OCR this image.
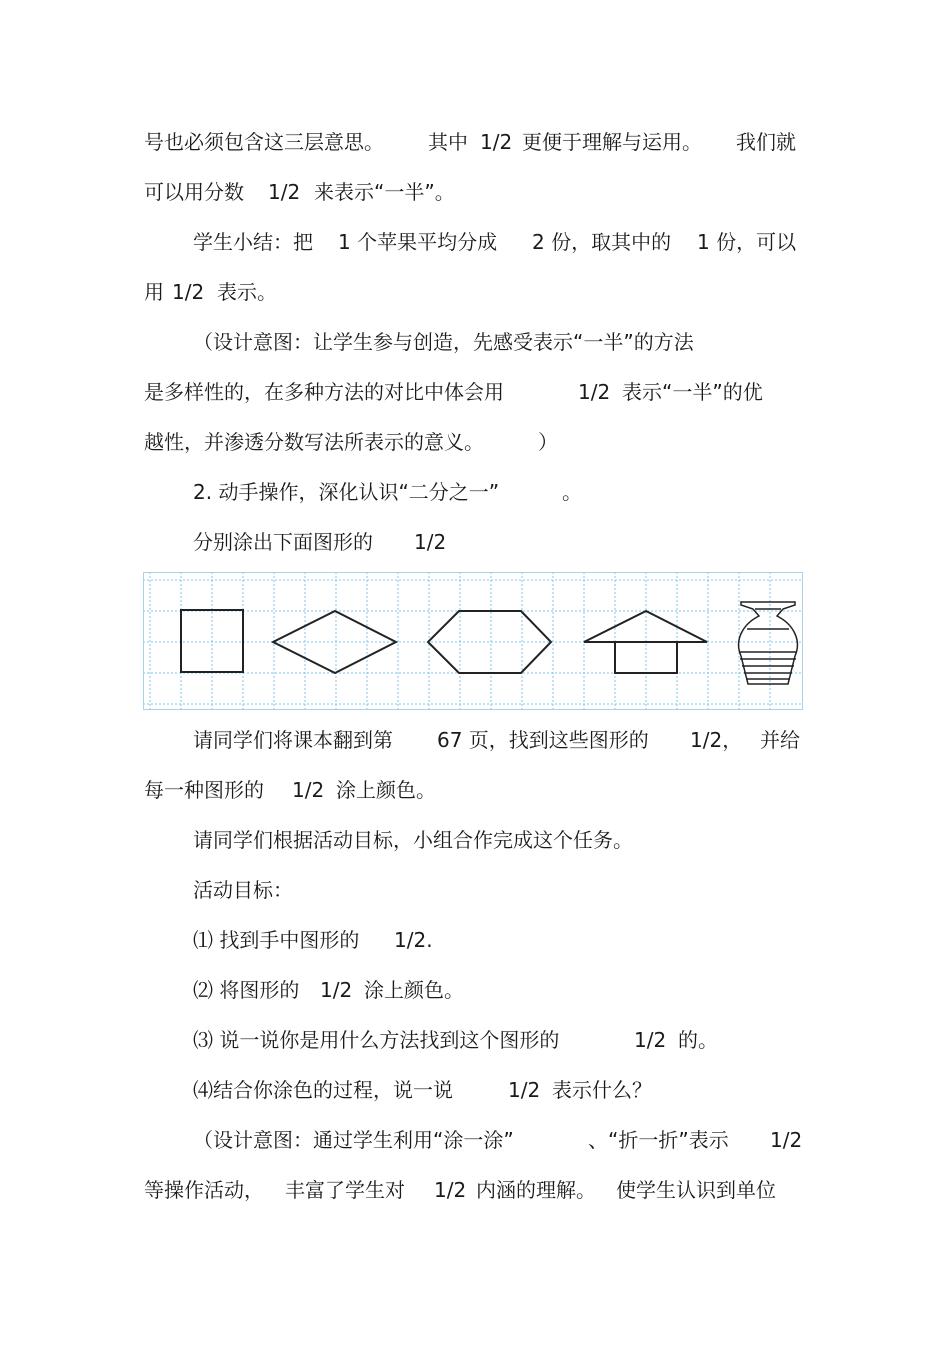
号也必须包含这三层意思。

其中

1/2

更便于理解与运用。

我们就

可以用分数

1/2

来表示“一半”。

学生小结：把

1 个苹果平均分成

2 份，取其中的

1 份，可以

用

1/2

表示。

（设计意图：让学生参与创造，先感受表示“一半”的方法

是多样性的，在多种方法的对比中体会用

	1/2

表示“一半”的优

越性，并渗透分数写法所表示的意义。

	）

2. 动手操作，深化认识“二分之一”

	。

分别涂出下面图形的

1/2

请同学们将课本翻到第

67 页，找到这些图形的

1/2，

并给

每一种图形的

1/2

涂上颜色。

请同学们根据活动目标，小组合作完成这个任务。

活动目标：

⑴ 找到手中图形的

1/2.

⑵ 将图形的

1/2

涂上颜色。

⑶ 说一说你是用什么方法找到这个图形的

	1/2

的。

⑷结合你涂色的过程，说一说

	1/2

表示什么？

（设计意图：通过学生利用“涂一涂”

	、“折一折”表示

1/2

等操作活动，

丰富了学生对

1/2

内涵的理解。

使学生认识到单位
